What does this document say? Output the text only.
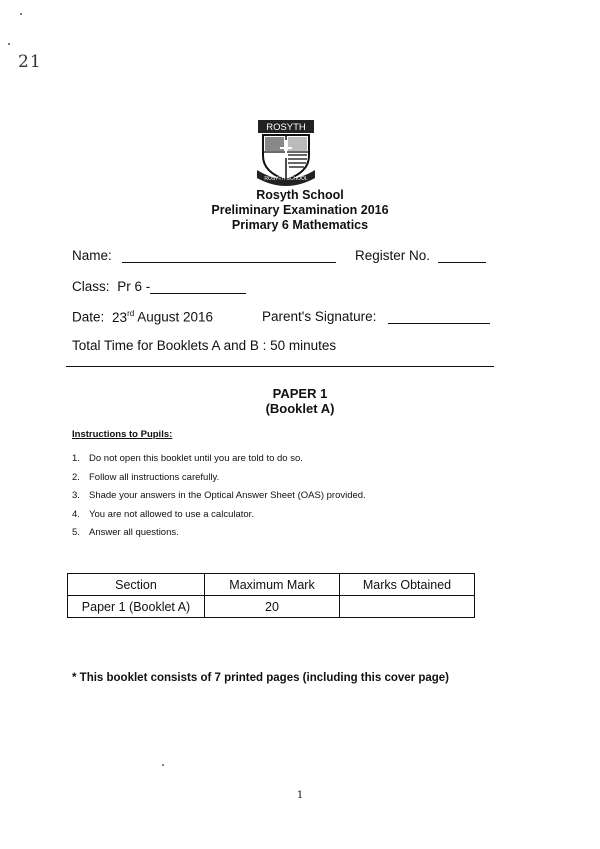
21
ROSYTH
ROSYTH SCHOOL
Rosyth School
Preliminary Examination 2016
Primary 6 Mathematics
Name:	Register No.
Class: Pr 6 -
Date: 23rd August 2016	Parent's Signature:
Total Time for Booklets A and B : 50 minutes
PAPER 1
(Booklet A)
Instructions to Pupils:
1. Do not open this booklet until you are told to do so.
2. Follow all instructions carefully.
3. Shade your answers in the Optical Answer Sheet (OAS) provided.
4. You are not allowed to use a calculator.
5. Answer all questions.
Section	Maximum Mark	Marks Obtained
Paper 1 (Booklet A)	20	
* This booklet consists of 7 printed pages (including this cover page)
1
